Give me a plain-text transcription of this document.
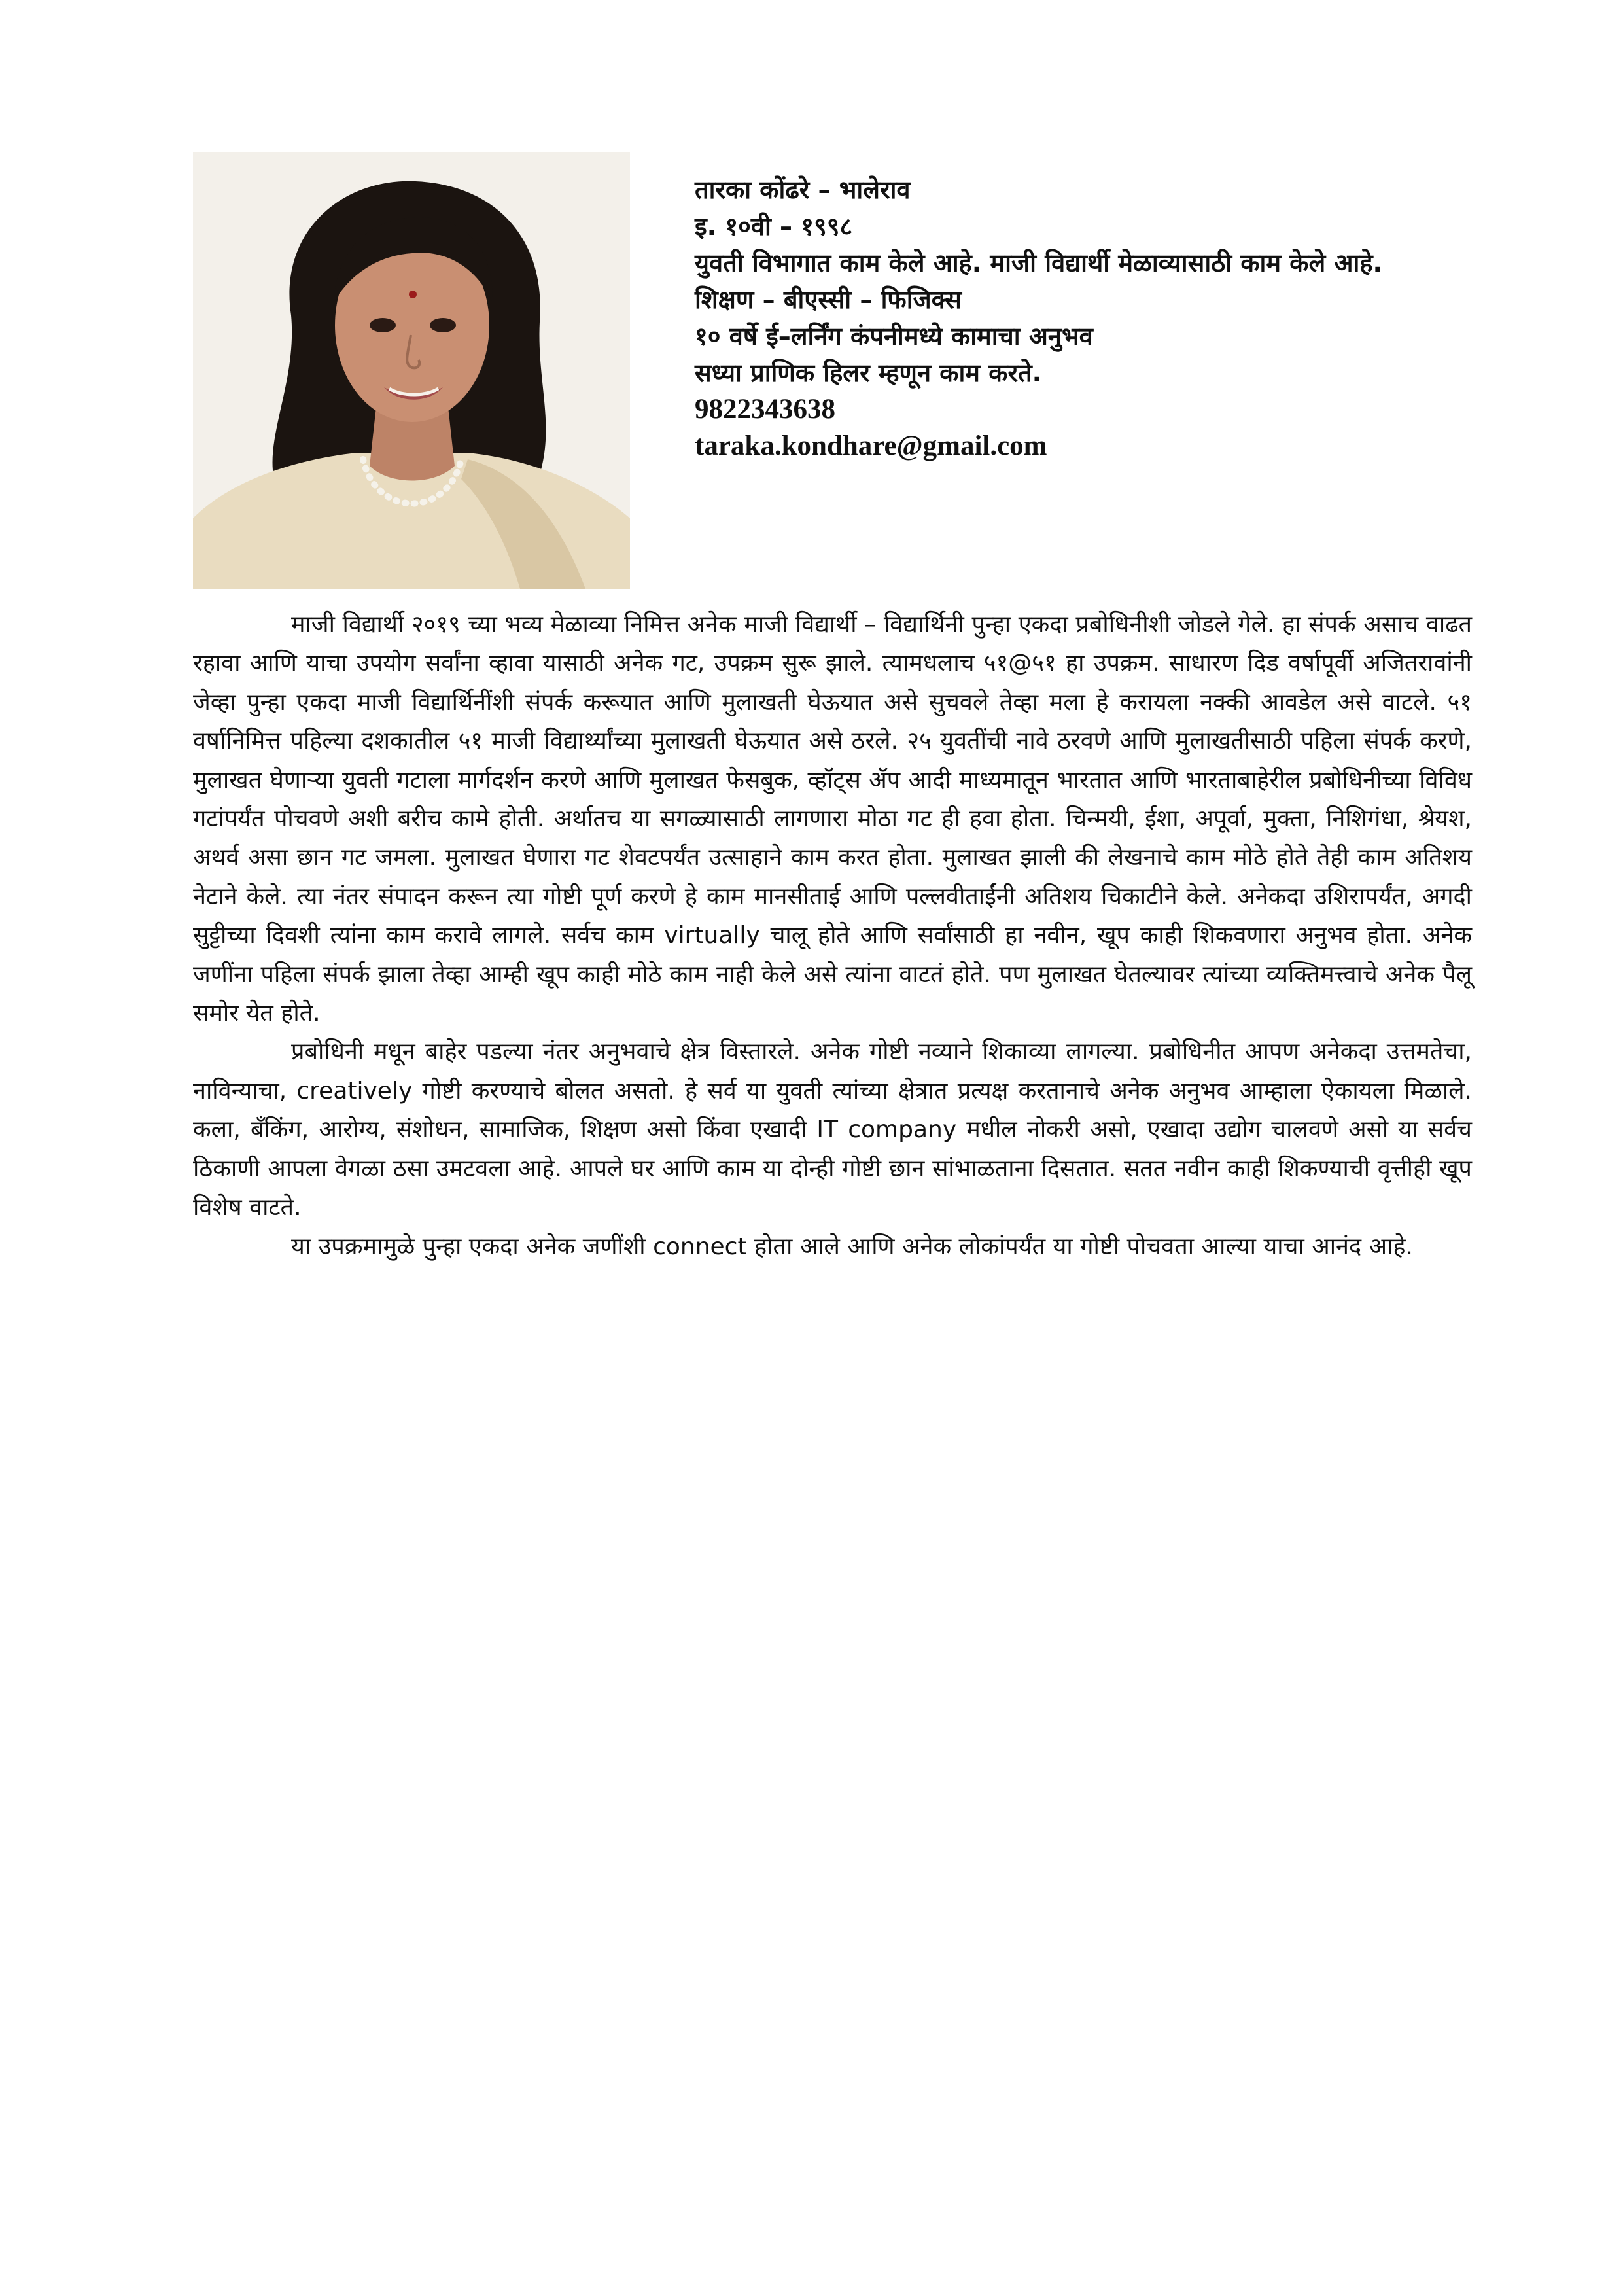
तारका कोंढरे – भालेराव
इ. १०वी – १९९८
युवती विभागात काम केले आहे. माजी विद्यार्थी मेळाव्यासाठी काम केले आहे.
शिक्षण – बीएस्सी – फिजिक्स
१० वर्षे ई–लर्निंग कंपनीमध्ये कामाचा अनुभव
सध्या प्राणिक हिलर म्हणून काम करते.
9822343638
taraka.kondhare@gmail.com

माजी विद्यार्थी २०१९ च्या भव्य मेळाव्या निमित्त अनेक माजी विद्यार्थी – विद्यार्थिनी पुन्हा एकदा प्रबोधिनीशी जोडले गेले. हा संपर्क असाच वाढत रहावा आणि याचा उपयोग सर्वांना व्हावा यासाठी अनेक गट, उपक्रम सुरू झाले. त्यामधलाच ५१@५१ हा उपक्रम. साधारण दिड वर्षापूर्वी अजितरावांनी जेव्हा पुन्हा एकदा माजी विद्यार्थिनींशी संपर्क करूयात आणि मुलाखती घेऊयात असे सुचवले तेव्हा मला हे करायला नक्की आवडेल असे वाटले. ५१ वर्षानिमित्त पहिल्या दशकातील ५१ माजी विद्यार्थ्यांच्या मुलाखती घेऊयात असे ठरले. २५ युवतींची नावे ठरवणे आणि मुलाखतीसाठी पहिला संपर्क करणे, मुलाखत घेणाऱ्या युवती गटाला मार्गदर्शन करणे आणि मुलाखत फेसबुक, व्हॉट्स ॲप आदी माध्यमातून भारतात आणि भारताबाहेरील प्रबोधिनीच्या विविध गटांपर्यंत पोचवणे अशी बरीच कामे होती. अर्थातच या सगळ्यासाठी लागणारा मोठा गट ही हवा होता. चिन्मयी, ईशा, अपूर्वा, मुक्ता, निशिगंधा, श्रेयश, अथर्व असा छान गट जमला. मुलाखत घेणारा गट शेवटपर्यंत उत्साहाने काम करत होता. मुलाखत झाली की लेखनाचे काम मोठे होते तेही काम अतिशय नेटाने केले. त्या नंतर संपादन करून त्या गोष्टी पूर्ण करणे हे काम मानसीताई आणि पल्लवीताईंनी अतिशय चिकाटीने केले. अनेकदा उशिरापर्यंत, अगदी सुट्टीच्या दिवशी त्यांना काम करावे लागले. सर्वच काम virtually चालू होते आणि सर्वांसाठी हा नवीन, खूप काही शिकवणारा अनुभव होता. अनेक जणींना पहिला संपर्क झाला तेव्हा आम्ही खूप काही मोठे काम नाही केले असे त्यांना वाटतं होते. पण मुलाखत घेतल्यावर त्यांच्या व्यक्तिमत्त्वाचे अनेक पैलू समोर येत होते.

प्रबोधिनी मधून बाहेर पडल्या नंतर अनुभवाचे क्षेत्र विस्तारले. अनेक गोष्टी नव्याने शिकाव्या लागल्या. प्रबोधिनीत आपण अनेकदा उत्तमतेचा, नाविन्याचा, creatively गोष्टी करण्याचे बोलत असतो. हे सर्व या युवती त्यांच्या क्षेत्रात प्रत्यक्ष करतानाचे अनेक अनुभव आम्हाला ऐकायला मिळाले. कला, बँकिंग, आरोग्य, संशोधन, सामाजिक, शिक्षण असो किंवा एखादी IT company मधील नोकरी असो, एखादा उद्योग चालवणे असो या सर्वच ठिकाणी आपला वेगळा ठसा उमटवला आहे. आपले घर आणि काम या दोन्ही गोष्टी छान सांभाळताना दिसतात. सतत नवीन काही शिकण्याची वृत्तीही खूप विशेष वाटते.

या उपक्रमामुळे पुन्हा एकदा अनेक जणींशी connect होता आले आणि अनेक लोकांपर्यंत या गोष्टी पोचवता आल्या याचा आनंद आहे.
